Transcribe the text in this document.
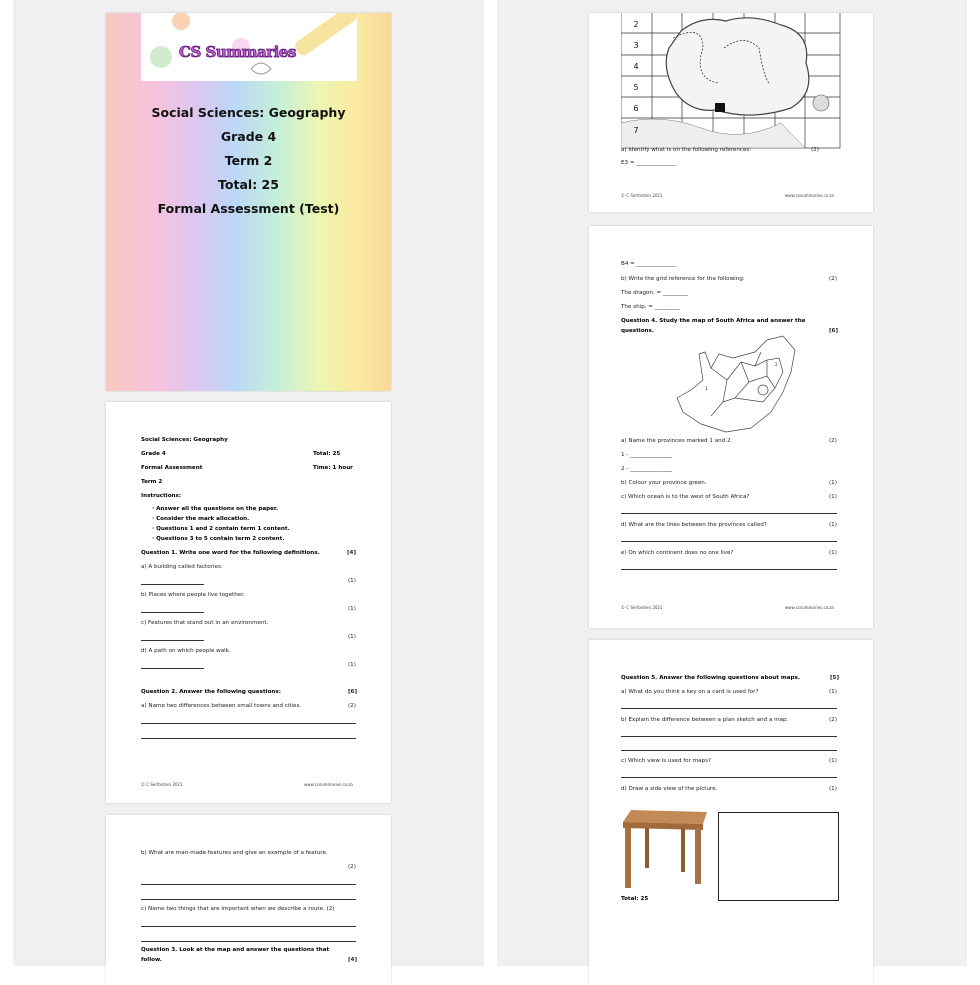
CS Summaries
Social Sciences: Geography
Grade 4
Term 2
Total: 25
Formal Assessment (Test)
Social Sciences: Geography
Grade 4	Total: 25
Formal Assessment	Time: 1 hour
Term 2
Instructions:
· Answer all the questions on the paper.
· Consider the mark allocation.
· Questions 1 and 2 contain term 1 content.
· Questions 3 to 5 contain term 2 content.
Question 1. Write one word for the following definitions.	[4]
a) A building called factories.
(1)
b) Places where people live together.
(1)
c) Features that stand out in an environment.
(1)
d) A path on which people walk.
(1)
Question 2. Answer the following questions:	[6]
a) Name two differences between small towns and cities.	(2)
© C Serfontein 2021	www.cssummaries.co.za
b) What are man-made features and give an example of a feature.
(2)
c) Name two things that are important when we describe a route. (2)
Question 3. Look at the map and answer the questions that
follow.	[4]
2
3
4
5
6
7
a) Identify what is on the following references:	(2)
E3 = ______________
© C Serfontein 2021	www.cssummaries.co.za
B4 = ______________
b) Write the grid reference for the following:	(2)
The dragon. = _________
The ship. = _________
Question 4. Study the map of South Africa and answer the
questions.	[6]
1
2
a) Name the provinces marked 1 and 2.	(2)
1 - _______________
2 - _______________
b) Colour your province green.	(1)
c) Which ocean is to the west of South Africa?	(1)
d) What are the lines between the provinces called?	(1)
e) On which continent does no one live?	(1)
© C Serfontein 2021	www.cssummaries.co.za
Question 5. Answer the following questions about maps.	[5]
a) What do you think a key on a card is used for?	(1)
b) Explain the difference between a plan sketch and a map.	(2)
c) Which view is used for maps?	(1)
d) Draw a side view of the picture.	(1)
Total: 25
